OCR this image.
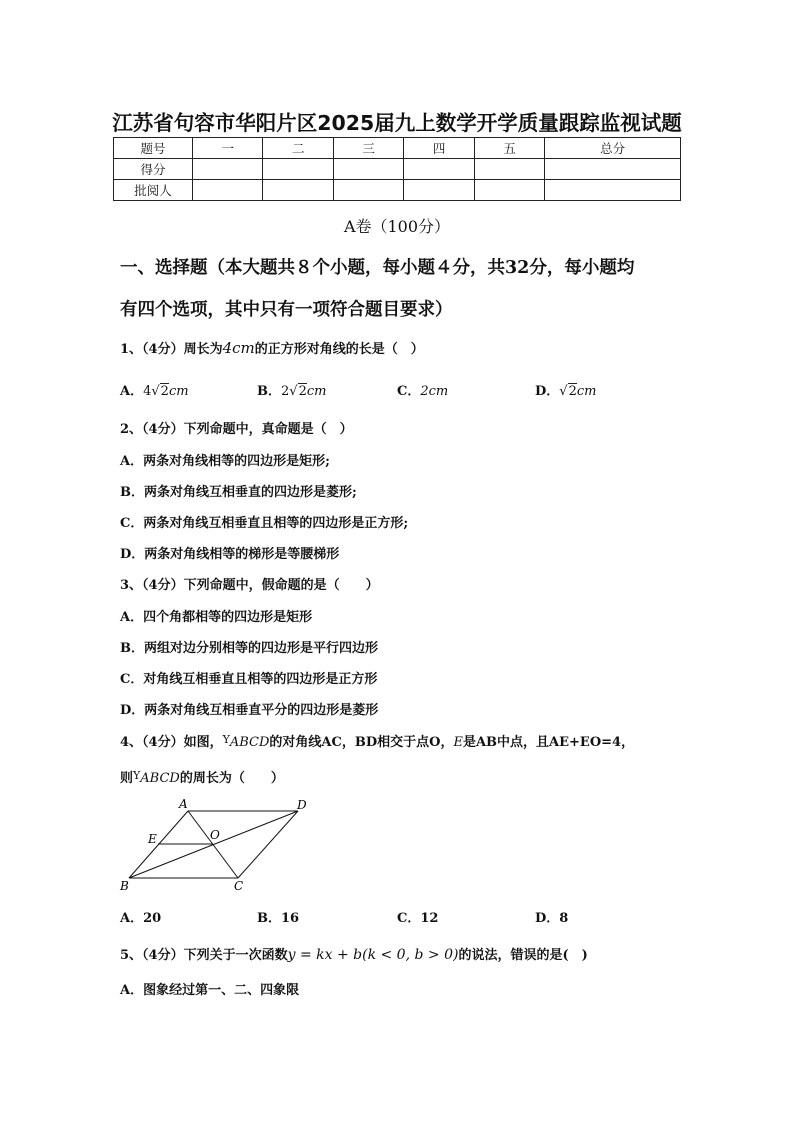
江苏省句容市华阳片区2025届九上数学开学质量跟踪监视试题
题号	一	二	三	四	五	总分
得分						
批阅人						
A卷（100分）
一、选择题（本大题共８个小题，每小题４分，共32分，每小题均
有四个选项，其中只有一项符合题目要求）
1、（4分）周长为4cm的正方形对角线的长是（　）
A．4√2cm	B．2√2cm	C．2cm	D．√2cm
2、（4分）下列命题中，真命题是（　）
A．两条对角线相等的四边形是矩形;
B．两条对角线互相垂直的四边形是菱形;
C．两条对角线互相垂直且相等的四边形是正方形;
D．两条对角线相等的梯形是等腰梯形
3、（4分）下列命题中，假命题的是（　　）
A．四个角都相等的四边形是矩形
B．两组对边分别相等的四边形是平行四边形
C．对角线互相垂直且相等的四边形是正方形
D．两条对角线互相垂直平分的四边形是菱形
4、（4分）如图，$^Y$ABCD的对角线AC，BD相交于点O，E是AB中点，且AE+EO=4，
则$^Y$ABCD的周长为（　　）
A	D
E	O
B	C
A．20	B．16	C．12	D．8
5、（4分）下列关于一次函数y = kx + b(k < 0, b > 0)的说法，错误的是(　)
A．图象经过第一、二、四象限
